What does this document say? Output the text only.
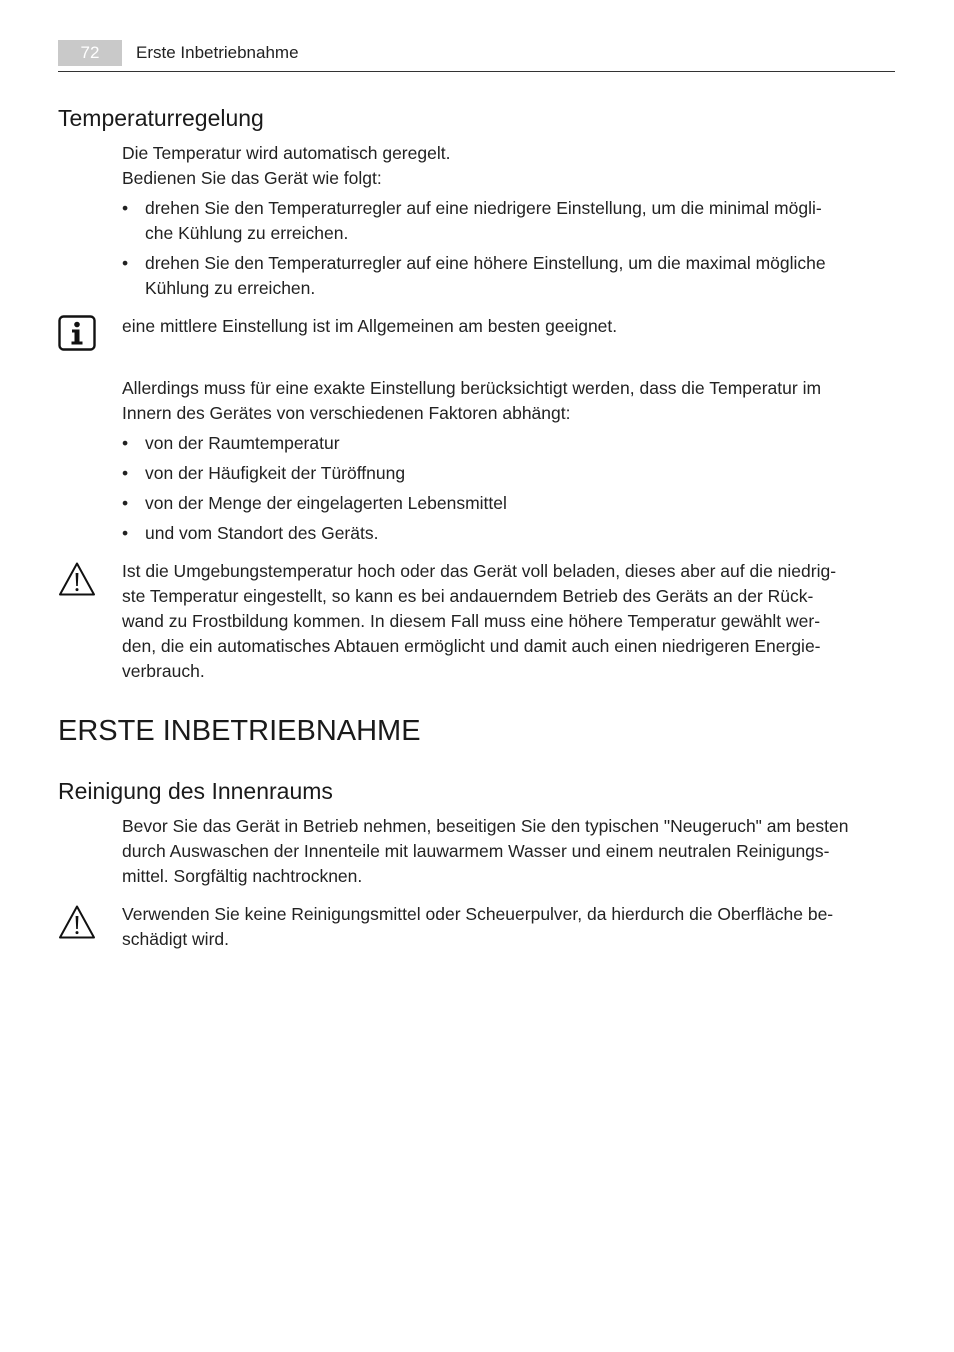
72	Erste Inbetriebnahme
Temperaturregelung
Die Temperatur wird automatisch geregelt.
Bedienen Sie das Gerät wie folgt:
• drehen Sie den Temperaturregler auf eine niedrigere Einstellung, um die minimal mögli-
che Kühlung zu erreichen.
• drehen Sie den Temperaturregler auf eine höhere Einstellung, um die maximal mögliche
Kühlung zu erreichen.
eine mittlere Einstellung ist im Allgemeinen am besten geeignet.
Allerdings muss für eine exakte Einstellung berücksichtigt werden, dass die Temperatur im
Innern des Gerätes von verschiedenen Faktoren abhängt:
• von der Raumtemperatur
• von der Häufigkeit der Türöffnung
• von der Menge der eingelagerten Lebensmittel
• und vom Standort des Geräts.
Ist die Umgebungstemperatur hoch oder das Gerät voll beladen, dieses aber auf die niedrig-
ste Temperatur eingestellt, so kann es bei andauerndem Betrieb des Geräts an der Rück-
wand zu Frostbildung kommen. In diesem Fall muss eine höhere Temperatur gewählt wer-
den, die ein automatisches Abtauen ermöglicht und damit auch einen niedrigeren Energie-
verbrauch.
ERSTE INBETRIEBNAHME
Reinigung des Innenraums
Bevor Sie das Gerät in Betrieb nehmen, beseitigen Sie den typischen "Neugeruch" am besten
durch Auswaschen der Innenteile mit lauwarmem Wasser und einem neutralen Reinigungs-
mittel. Sorgfältig nachtrocknen.
Verwenden Sie keine Reinigungsmittel oder Scheuerpulver, da hierdurch die Oberfläche be-
schädigt wird.
